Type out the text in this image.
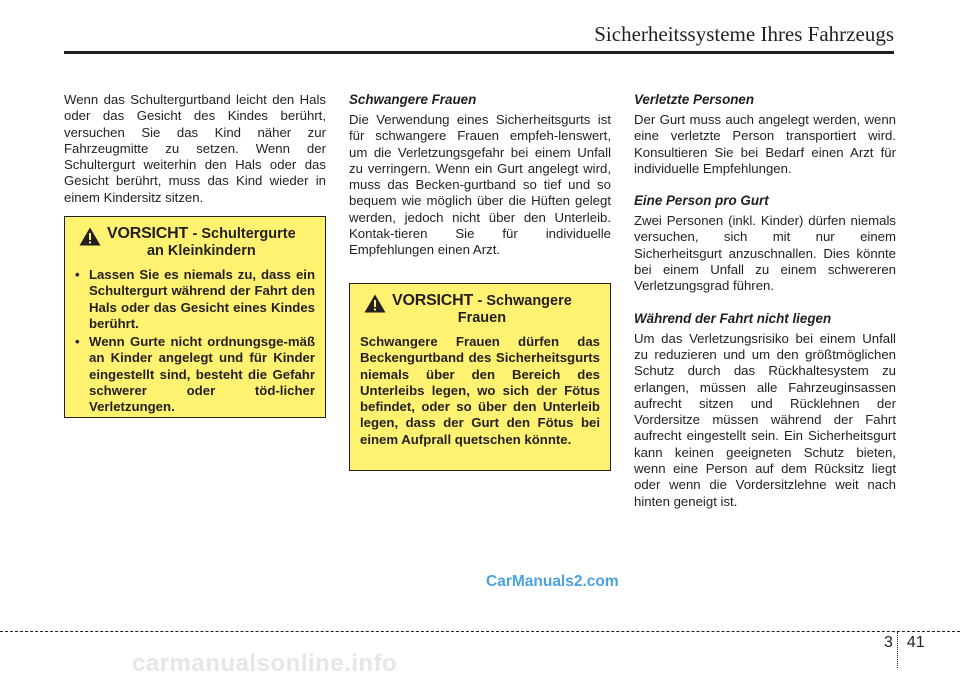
Sicherheitssysteme Ihres Fahrzeugs

Wenn das Schultergurtband leicht den Hals oder das Gesicht des Kindes berührt, versuchen Sie das Kind näher zur Fahrzeugmitte zu setzen. Wenn der Schultergurt weiterhin den Hals oder das Gesicht berührt, muss das Kind wieder in einem Kindersitz sitzen.

VORSICHT - Schultergurte
an Kleinkindern
• Lassen Sie es niemals zu, dass ein Schultergurt während der Fahrt den Hals oder das Gesicht eines Kindes berührt.
• Wenn Gurte nicht ordnungsge-mäß an Kinder angelegt und für Kinder eingestellt sind, besteht die Gefahr schwerer oder töd-licher Verletzungen.
Schwangere Frauen

Die Verwendung eines Sicherheitsgurts ist für schwangere Frauen empfeh-lenswert, um die Verletzungsgefahr bei einem Unfall zu verringern. Wenn ein Gurt angelegt wird, muss das Becken-gurtband so tief und so bequem wie möglich über die Hüften gelegt werden, jedoch nicht über den Unterleib. Kontak-tieren Sie für individuelle Empfehlungen einen Arzt.

VORSICHT - Schwangere
Frauen

Schwangere Frauen dürfen das Beckengurtband des Sicherheitsgurts niemals über den Bereich des Unterleibs legen, wo sich der Fötus befindet, oder so über den Unterleib legen, dass der Gurt den Fötus bei einem Aufprall quetschen könnte.

Verletzte Personen

Der Gurt muss auch angelegt werden, wenn eine verletzte Person transportiert wird. Konsultieren Sie bei Bedarf einen Arzt für individuelle Empfehlungen.

Eine Person pro Gurt

Zwei Personen (inkl. Kinder) dürfen niemals versuchen, sich mit nur einem Sicherheitsgurt anzuschnallen. Dies könnte bei einem Unfall zu einem schwereren Verletzungsgrad führen.

Während der Fahrt nicht liegen

Um das Verletzungsrisiko bei einem Unfall zu reduzieren und um den größtmöglichen Schutz durch das Rückhaltesystem zu erlangen, müssen alle Fahrzeuginsassen aufrecht sitzen und Rücklehnen der Vordersitze müssen während der Fahrt aufrecht eingestellt sein. Ein Sicherheitsgurt kann keinen geeigneten Schutz bieten, wenn eine Person auf dem Rücksitz liegt oder wenn die Vordersitzlehne weit nach hinten geneigt ist.

CarManuals2.com
3 41
carmanualsonline.info
